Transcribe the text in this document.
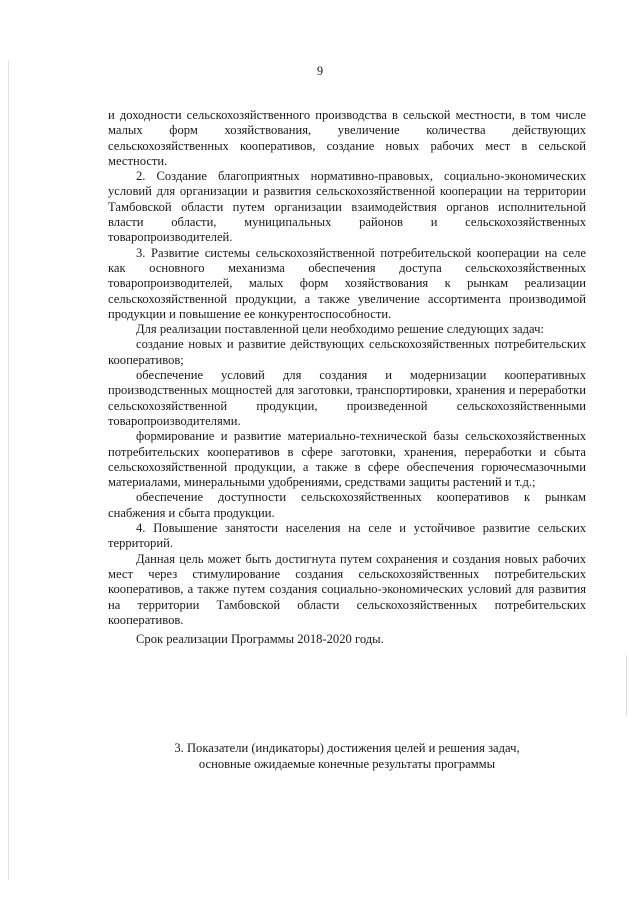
9

и доходности сельскохозяйственного производства в сельской местности, в том числе малых форм хозяйствования, увеличение количества действующих сельскохозяйственных кооперативов, создание новых рабочих мест в сельской местности.

2. Создание благоприятных нормативно-правовых, социально-экономических условий для организации и развития сельскохозяйственной кооперации на территории Тамбовской области путем организации взаимодействия органов исполнительной власти области, муниципальных районов и сельскохозяйственных товаропроизводителей.

3. Развитие системы сельскохозяйственной потребительской кооперации на селе как основного механизма обеспечения доступа сельскохозяйственных товаропроизводителей, малых форм хозяйствования к рынкам реализации сельскохозяйственной продукции, а также увеличение ассортимента производимой продукции и повышение ее конкурентоспособности.

Для реализации поставленной цели необходимо решение следующих задач:

создание новых и развитие действующих сельскохозяйственных потребительских кооперативов;

обеспечение условий для создания и модернизации кооперативных производственных мощностей для заготовки, транспортировки, хранения и переработки сельскохозяйственной продукции, произведенной сельскохозяйственными товаропроизводителями.

формирование и развитие материально-технической базы сельскохозяйственных потребительских кооперативов в сфере заготовки, хранения, переработки и сбыта сельскохозяйственной продукции, а также в сфере обеспечения горючесмазочными материалами, минеральными удобрениями, средствами защиты растений и т.д.;

обеспечение доступности сельскохозяйственных кооперативов к рынкам снабжения и сбыта продукции.

4. Повышение занятости населения на селе и устойчивое развитие сельских территорий.

Данная цель может быть достигнута путем сохранения и создания новых рабочих мест через стимулирование создания сельскохозяйственных потребительских кооперативов, а также путем создания социально-экономических условий для развития на территории Тамбовской области сельскохозяйственных потребительских кооперативов.

Срок реализации Программы 2018-2020 годы.

3. Показатели (индикаторы) достижения целей и решения задач,
основные ожидаемые конечные результаты программы
